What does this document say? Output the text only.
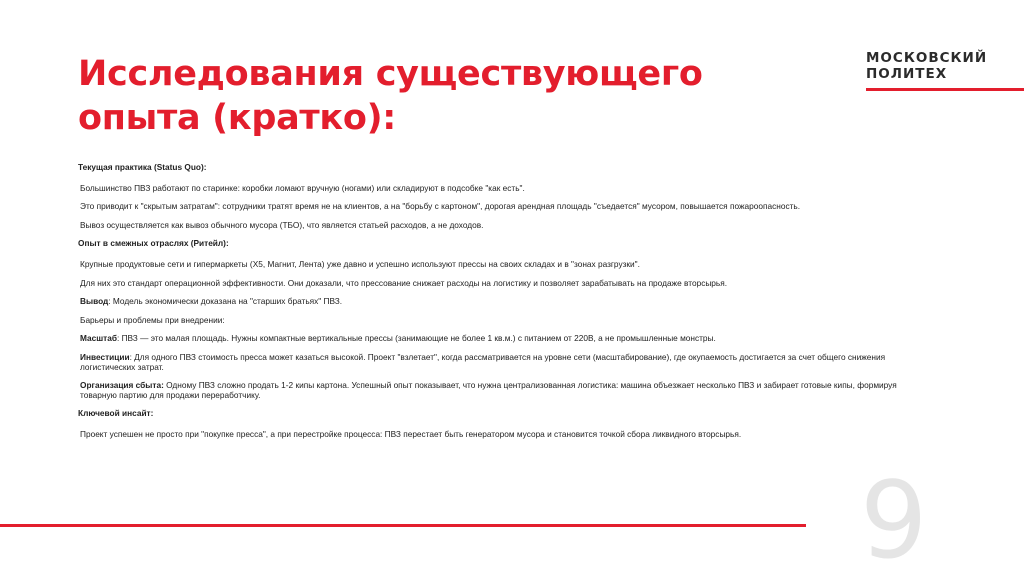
Исследования существующего опыта (кратко):
МОСКОВСКИЙ
ПОЛИТЕХ

Текущая практика (Status Quo):

Большинство ПВЗ работают по старинке: коробки ломают вручную (ногами) или складируют в подсобке "как есть".

Это приводит к "скрытым затратам": сотрудники тратят время не на клиентов, а на "борьбу с картоном", дорогая арендная площадь "съедается" мусором, повышается пожароопасность.

Вывоз осуществляется как вывоз обычного мусора (ТБО), что является статьей расходов, а не доходов.

Опыт в смежных отраслях (Ритейл):

Крупные продуктовые сети и гипермаркеты (Х5, Магнит, Лента) уже давно и успешно используют прессы на своих складах и в "зонах разгрузки".

Для них это стандарт операционной эффективности. Они доказали, что прессование снижает расходы на логистику и позволяет зарабатывать на продаже вторсырья.

Вывод: Модель экономически доказана на "старших братьях" ПВЗ.

Барьеры и проблемы при внедрении:

Масштаб: ПВЗ — это малая площадь. Нужны компактные вертикальные прессы (занимающие не более 1 кв.м.) с питанием от 220В, а не промышленные монстры.

Инвестиции: Для одного ПВЗ стоимость пресса может казаться высокой. Проект "взлетает", когда рассматривается на уровне сети (масштабирование), где окупаемость достигается за счет общего снижения логистических затрат.

Организация сбыта: Одному ПВЗ сложно продать 1-2 кипы картона. Успешный опыт показывает, что нужна централизованная логистика: машина объезжает несколько ПВЗ и забирает готовые кипы, формируя товарную партию для продажи переработчику.

Ключевой инсайт:

Проект успешен не просто при "покупке пресса", а при перестройке процесса: ПВЗ перестает быть генератором мусора и становится точкой сбора ликвидного вторсырья.

9
